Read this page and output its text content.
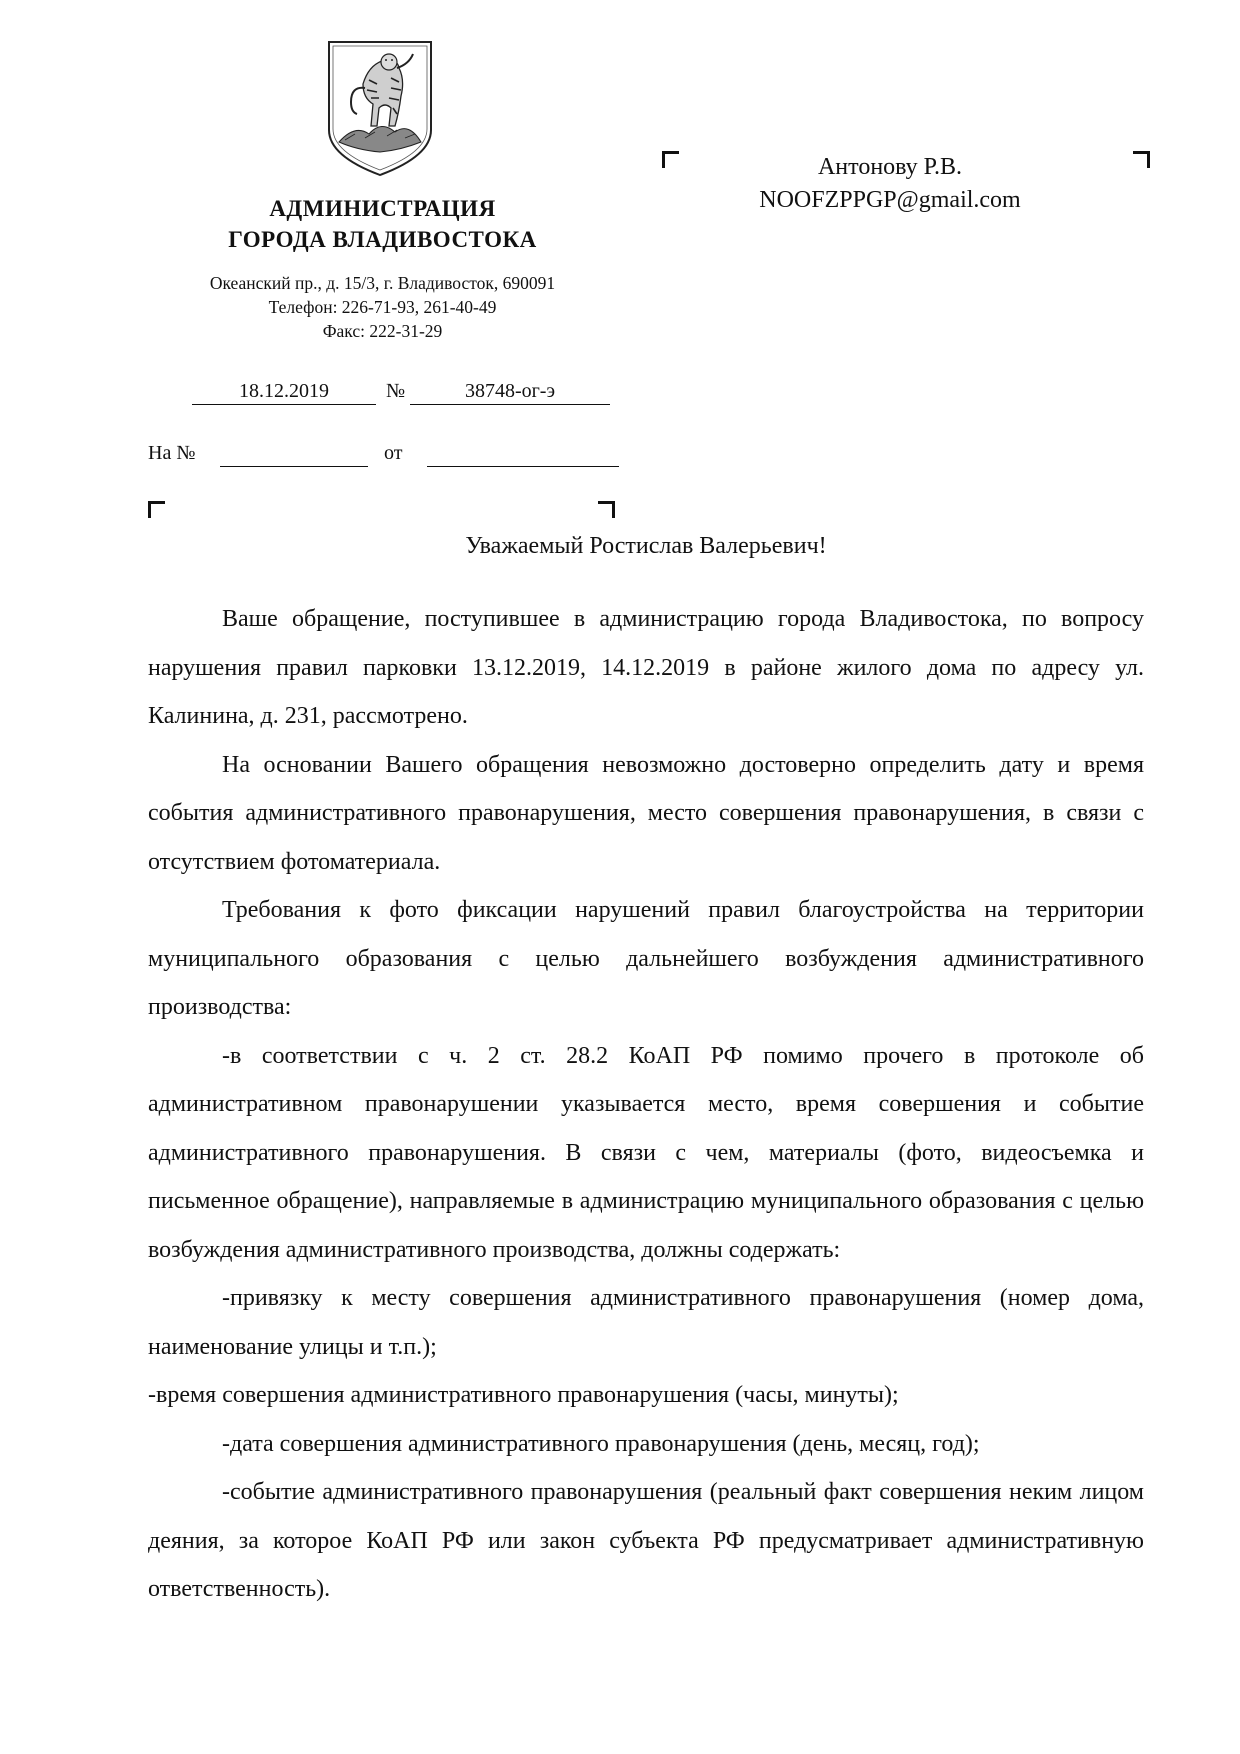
АДМИНИСТРАЦИЯ
ГОРОДА ВЛАДИВОСТОКА
Океанский пр., д. 15/3, г. Владивосток, 690091
Телефон: 226-71-93, 261-40-49
Факс: 222-31-29
18.12.2019	№	38748-ог-э
На №	от
Антонову Р.В.
NOOFZPPGP@gmail.com
Уважаемый Ростислав Валерьевич!

Ваше обращение, поступившее в администрацию города Владивостока, по вопросу нарушения правил парковки 13.12.2019, 14.12.2019 в районе жилого дома по адресу ул. Калинина, д. 231, рассмотрено.

На основании Вашего обращения невозможно достоверно определить дату и время события административного правонарушения, место совершения правонарушения, в связи с отсутствием фотоматериала.

Требования к фото фиксации нарушений правил благоустройства на территории муниципального образования с целью дальнейшего возбуждения административного производства:

-в соответствии с ч. 2 ст. 28.2 КоАП РФ помимо прочего в протоколе об административном правонарушении указывается место, время совершения и событие административного правонарушения. В связи с чем, материалы (фото, видеосъемка и письменное обращение), направляемые в администрацию муниципального образования с целью возбуждения административного производства, должны содержать:

-привязку к месту совершения административного правонарушения (номер дома, наименование улицы и т.п.);

-время совершения административного правонарушения (часы, минуты);

-дата совершения административного правонарушения (день, месяц, год);

-событие административного правонарушения (реальный факт совершения неким лицом деяния, за которое КоАП РФ или закон субъекта РФ предусматривает административную ответственность).
